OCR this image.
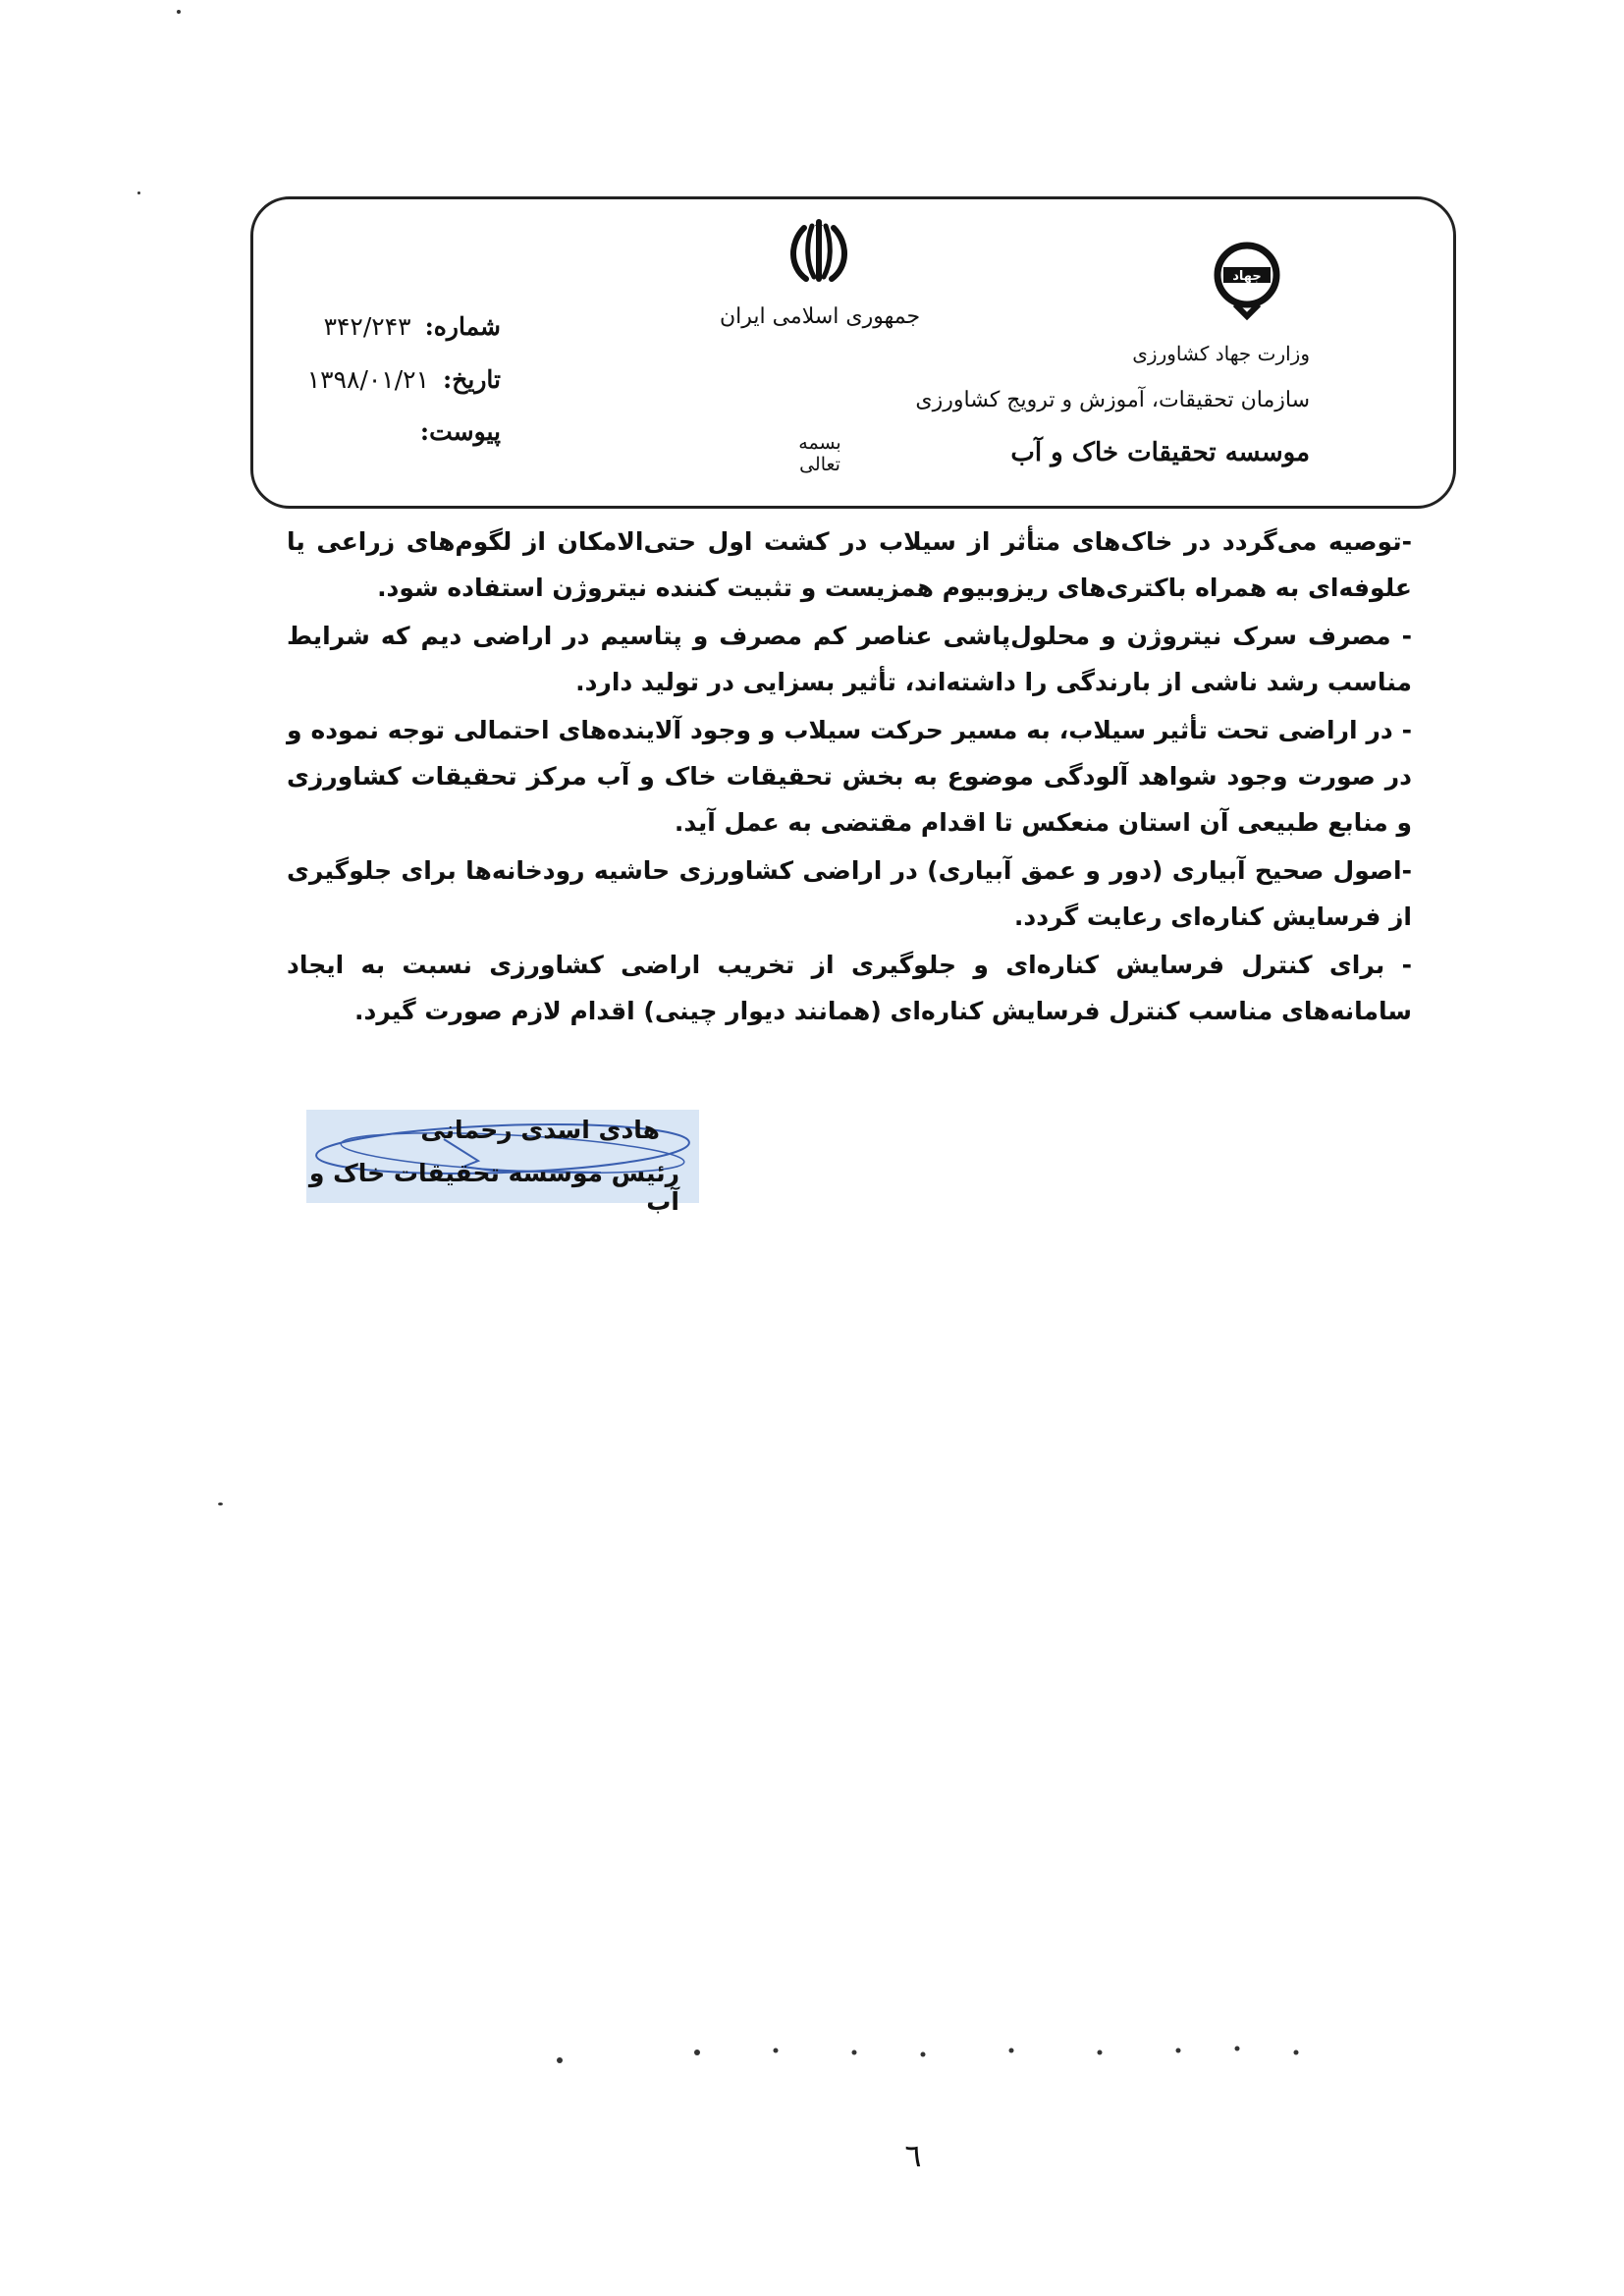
جمهوری اسلامی ایران
بسمه تعالی
شماره:
۳۴۲/۲۴۳
تاریخ:
۱۳۹۸/۰۱/۲۱
پیوست:
جهاد
وزارت جهاد کشاورزی
سازمان تحقیقات، آموزش و ترویج کشاورزی
موسسه تحقیقات خاک و آب

-توصیه می‌گردد در خاک‌های متأثر از سیلاب در کشت اول حتی‌الامکان از لگوم‌های زراعی یا علوفه‌ای به همراه باکتری‌های ریزوبیوم همزیست و تثبیت کننده نیتروژن استفاده شود.

- مصرف سرک نیتروژن و محلول‌پاشی عناصر کم مصرف و پتاسیم در اراضی دیم که شرایط مناسب رشد ناشی از بارندگی را داشته‌اند، تأثیر بسزایی در تولید دارد.

- در اراضی تحت تأثیر سیلاب، به مسیر حرکت سیلاب و وجود آلاینده‌های احتمالی توجه نموده و در صورت وجود شواهد آلودگی موضوع به بخش تحقیقات خاک و آب مرکز تحقیقات کشاورزی و منابع طبیعی آن استان منعکس تا اقدام مقتضی به عمل آید.

-اصول صحیح آبیاری (دور و عمق آبیاری) در اراضی کشاورزی حاشیه رودخانه‌ها برای جلوگیری از فرسایش کناره‌ای رعایت گردد.

- برای کنترل فرسایش کناره‌ای و جلوگیری از تخریب اراضی کشاورزی نسبت به ایجاد سامانه‌های مناسب کنترل فرسایش کناره‌ای (همانند دیوار چینی) اقدام لازم صورت گیرد.

هادی اسدی رحمانی
رئیس موسسه تحقیقات خاک و آب
٦
